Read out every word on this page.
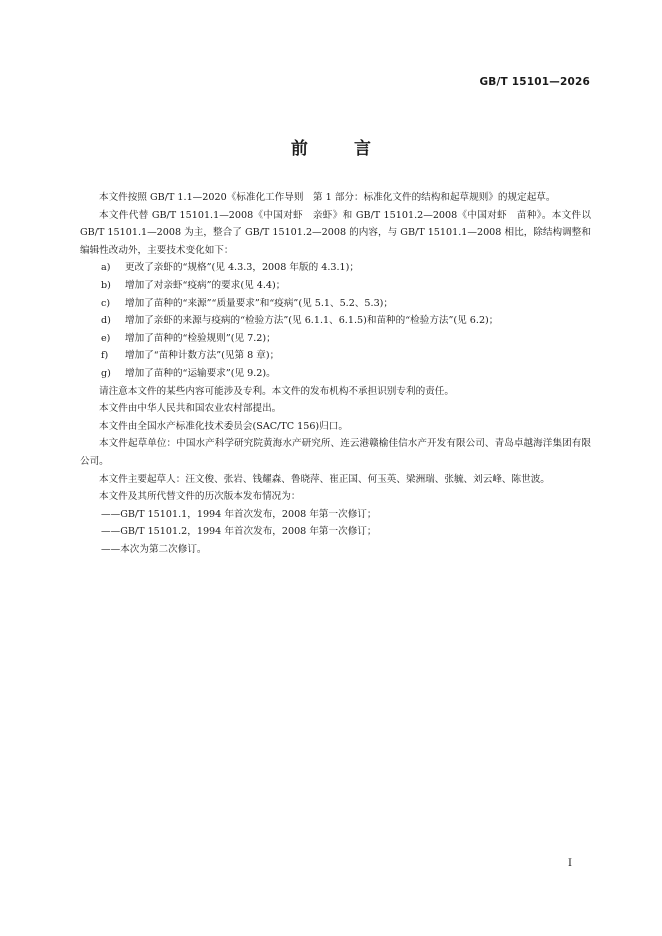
GB/T 15101—2026
前	言

本文件按照 GB/T 1.1—2020《标准化工作导则　第 1 部分：标准化文件的结构和起草规则》的规定起草。

本文件代替 GB/T 15101.1—2008《中国对虾　亲虾》和 GB/T 15101.2—2008《中国对虾　苗种》。本文件以 GB/T 15101.1—2008 为主，整合了 GB/T 15101.2—2008 的内容，与 GB/T 15101.1—2008 相比，除结构调整和编辑性改动外，主要技术变化如下：

a)	更改了亲虾的“规格”(见 4.3.3，2008 年版的 4.3.1)；
b)	增加了对亲虾“疫病”的要求(见 4.4)；
c)	增加了苗种的“来源”“质量要求”和“疫病”(见 5.1、5.2、5.3)；
d)	增加了亲虾的来源与疫病的“检验方法”(见 6.1.1、6.1.5)和苗种的“检验方法”(见 6.2)；
e)	增加了苗种的“检验规则”(见 7.2)；
f)	增加了“苗种计数方法”(见第 8 章)；
g)	增加了苗种的“运输要求”(见 9.2)。

请注意本文件的某些内容可能涉及专利。本文件的发布机构不承担识别专利的责任。

本文件由中华人民共和国农业农村部提出。

本文件由全国水产标准化技术委员会(SAC/TC 156)归口。

本文件起草单位：中国水产科学研究院黄海水产研究所、连云港赣榆佳信水产开发有限公司、青岛卓越海洋集团有限公司。

本文件主要起草人：汪文俊、张岩、钱耀森、鲁晓萍、崔正国、何玉英、梁洲瑞、张毓、刘云峰、陈世波。

本文件及其所代替文件的历次版本发布情况为：

——GB/T 15101.1，1994 年首次发布，2008 年第一次修订；

——GB/T 15101.2，1994 年首次发布，2008 年第一次修订；

——本次为第二次修订。

I
